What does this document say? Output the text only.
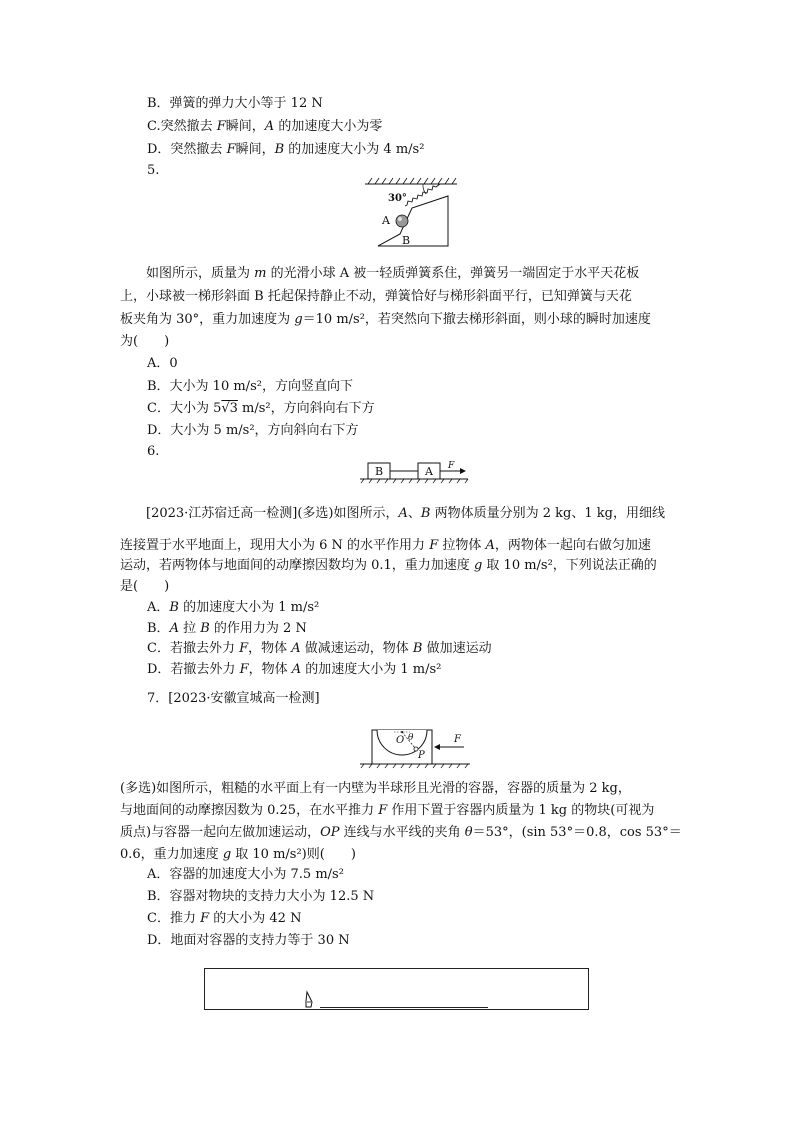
B．弹簧的弹力大小等于 12 N
C.突然撤去 F瞬间，A 的加速度大小为零
D．突然撤去 F瞬间，B 的加速度大小为 4 m/s²
5.
30°
A
B
如图所示，质量为 m 的光滑小球 A 被一轻质弹簧系住，弹簧另一端固定于水平天花板
上，小球被一梯形斜面 B 托起保持静止不动，弹簧恰好与梯形斜面平行，已知弹簧与天花
板夹角为 30°，重力加速度为 g＝10 m/s²，若突然向下撤去梯形斜面，则小球的瞬时加速度
为(　　)
A．0
B．大小为 10 m/s²，方向竖直向下
C．大小为 5√3 m/s²，方向斜向右下方
D．大小为 5 m/s²，方向斜向右下方
6.
B	A F
[2023·江苏宿迁高一检测](多选)如图所示，A、B 两物体质量分别为 2 kg、1 kg，用细线
连接置于水平地面上，现用大小为 6 N 的水平作用力 F 拉物体 A，两物体一起向右做匀加速
运动，若两物体与地面间的动摩擦因数均为 0.1，重力加速度 g 取 10 m/s²，下列说法正确的
是(　　)
A．B 的加速度大小为 1 m/s²
B．A 拉 B 的作用力为 2 N
C．若撤去外力 F，物体 A 做减速运动，物体 B 做加速运动
D．若撤去外力 F，物体 A 的加速度大小为 1 m/s²
7．[2023·安徽宣城高一检测]
O θ
P
F
(多选)如图所示，粗糙的水平面上有一内壁为半球形且光滑的容器，容器的质量为 2 kg，
与地面间的动摩擦因数为 0.25，在水平推力 F 作用下置于容器内质量为 1 kg 的物块(可视为
质点)与容器一起向左做加速运动，OP 连线与水平线的夹角 θ＝53°，(sin 53°＝0.8，cos 53°＝
0.6，重力加速度 g 取 10 m/s²)则(　　)
A．容器的加速度大小为 7.5 m/s²
B．容器对物块的支持力大小为 12.5 N
C．推力 F 的大小为 42 N
D．地面对容器的支持力等于 30 N
